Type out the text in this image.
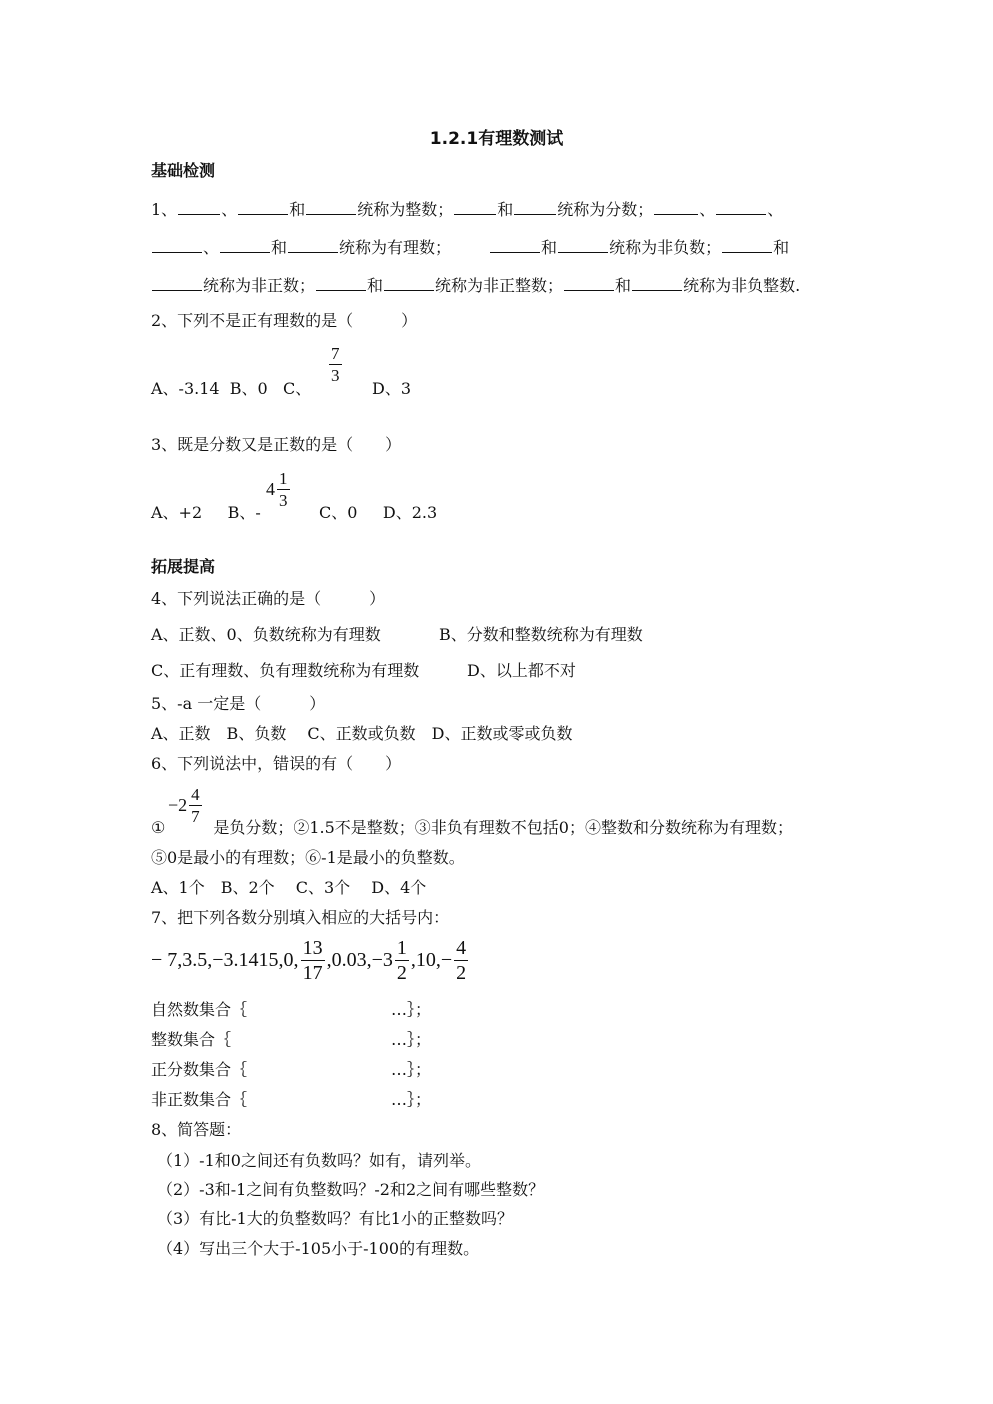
1.2.1有理数测试
基础检测
1、	、	和	统称为整数；	和	统称为分数；	、	、
、	和	统称为有理数；	和	统称为非负数；	和
统称为非正数；	和	统称为非正整数；	和	统称为非负整数.
2、下列不是正有理数的是（　　　）
A、-3.14 B、0 C、
$\frac{7}{3}$
D、3
3、既是分数又是正数的是（　　）
A、+2 B、-
$4 \frac{1}{3}$
C、0 D、2.3
拓展提高
4、下列说法正确的是（　　　）
A、正数、0、负数统称为有理数	B、分数和整数统称为有理数
C、正有理数、负有理数统称为有理数	D、以上都不对
5、-a 一定是（　　　）
A、正数　B、负数　 C、正数或负数　D、正数或零或负数
6、下列说法中，错误的有（　　）
$-2 \frac{4}{7}$
①	是负分数；②1.5不是整数；③非负有理数不包括0；④整数和分数统称为有理数；
⑤0是最小的有理数；⑥-1是最小的负整数。
A、1个　B、2个　 C、3个　 D、4个
7、把下列各数分别填入相应的大括号内：
− 7,3.5,−3.1415,0, $\frac{13}{17} ,0.03,-3 \frac{1}{2} ,10,- \frac{4}{2}$
自然数集合｛　　　　　　　　　…｝；
整数集合｛　　　　　　　　　　…｝；
正分数集合｛　　　　　　　　　…｝；
非正数集合｛　　　　　　　　　…｝；
8、简答题：
（1）-1和0之间还有负数吗？如有，请列举。
（2）-3和-1之间有负整数吗？-2和2之间有哪些整数？
（3）有比-1大的负整数吗？有比1小的正整数吗？
（4）写出三个大于-105小于-100的有理数。
